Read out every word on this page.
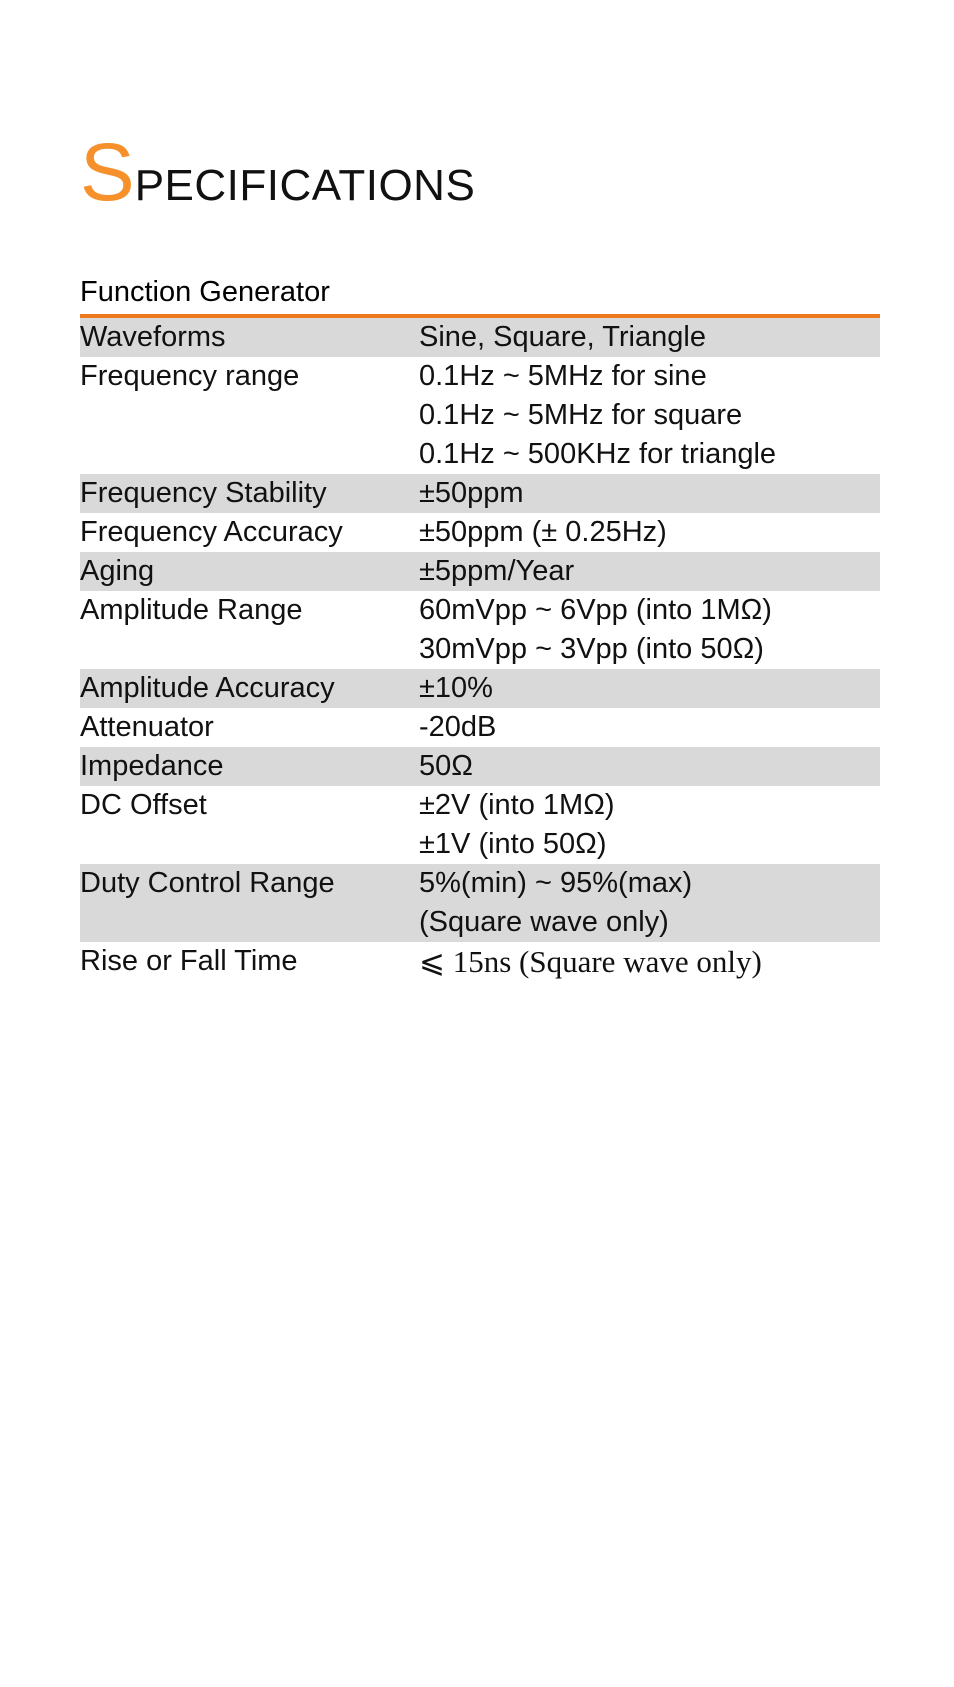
SPECIFICATIONS
Function Generator
Waveforms	Sine, Square, Triangle
Frequency range	0.1Hz ~ 5MHz for sine
0.1Hz ~ 5MHz for square
0.1Hz ~ 500KHz for triangle
Frequency Stability	±50ppm
Frequency Accuracy	±50ppm (± 0.25Hz)
Aging	±5ppm/Year
Amplitude Range	60mVpp ~ 6Vpp (into 1MΩ)
30mVpp ~ 3Vpp (into 50Ω)
Amplitude Accuracy	±10%
Attenuator	-20dB
Impedance	50Ω
DC Offset	±2V (into 1MΩ)
±1V (into 50Ω)
Duty Control Range	5%(min) ~ 95%(max)
(Square wave only)
Rise or Fall Time	⩽ 15ns (Square wave only)
